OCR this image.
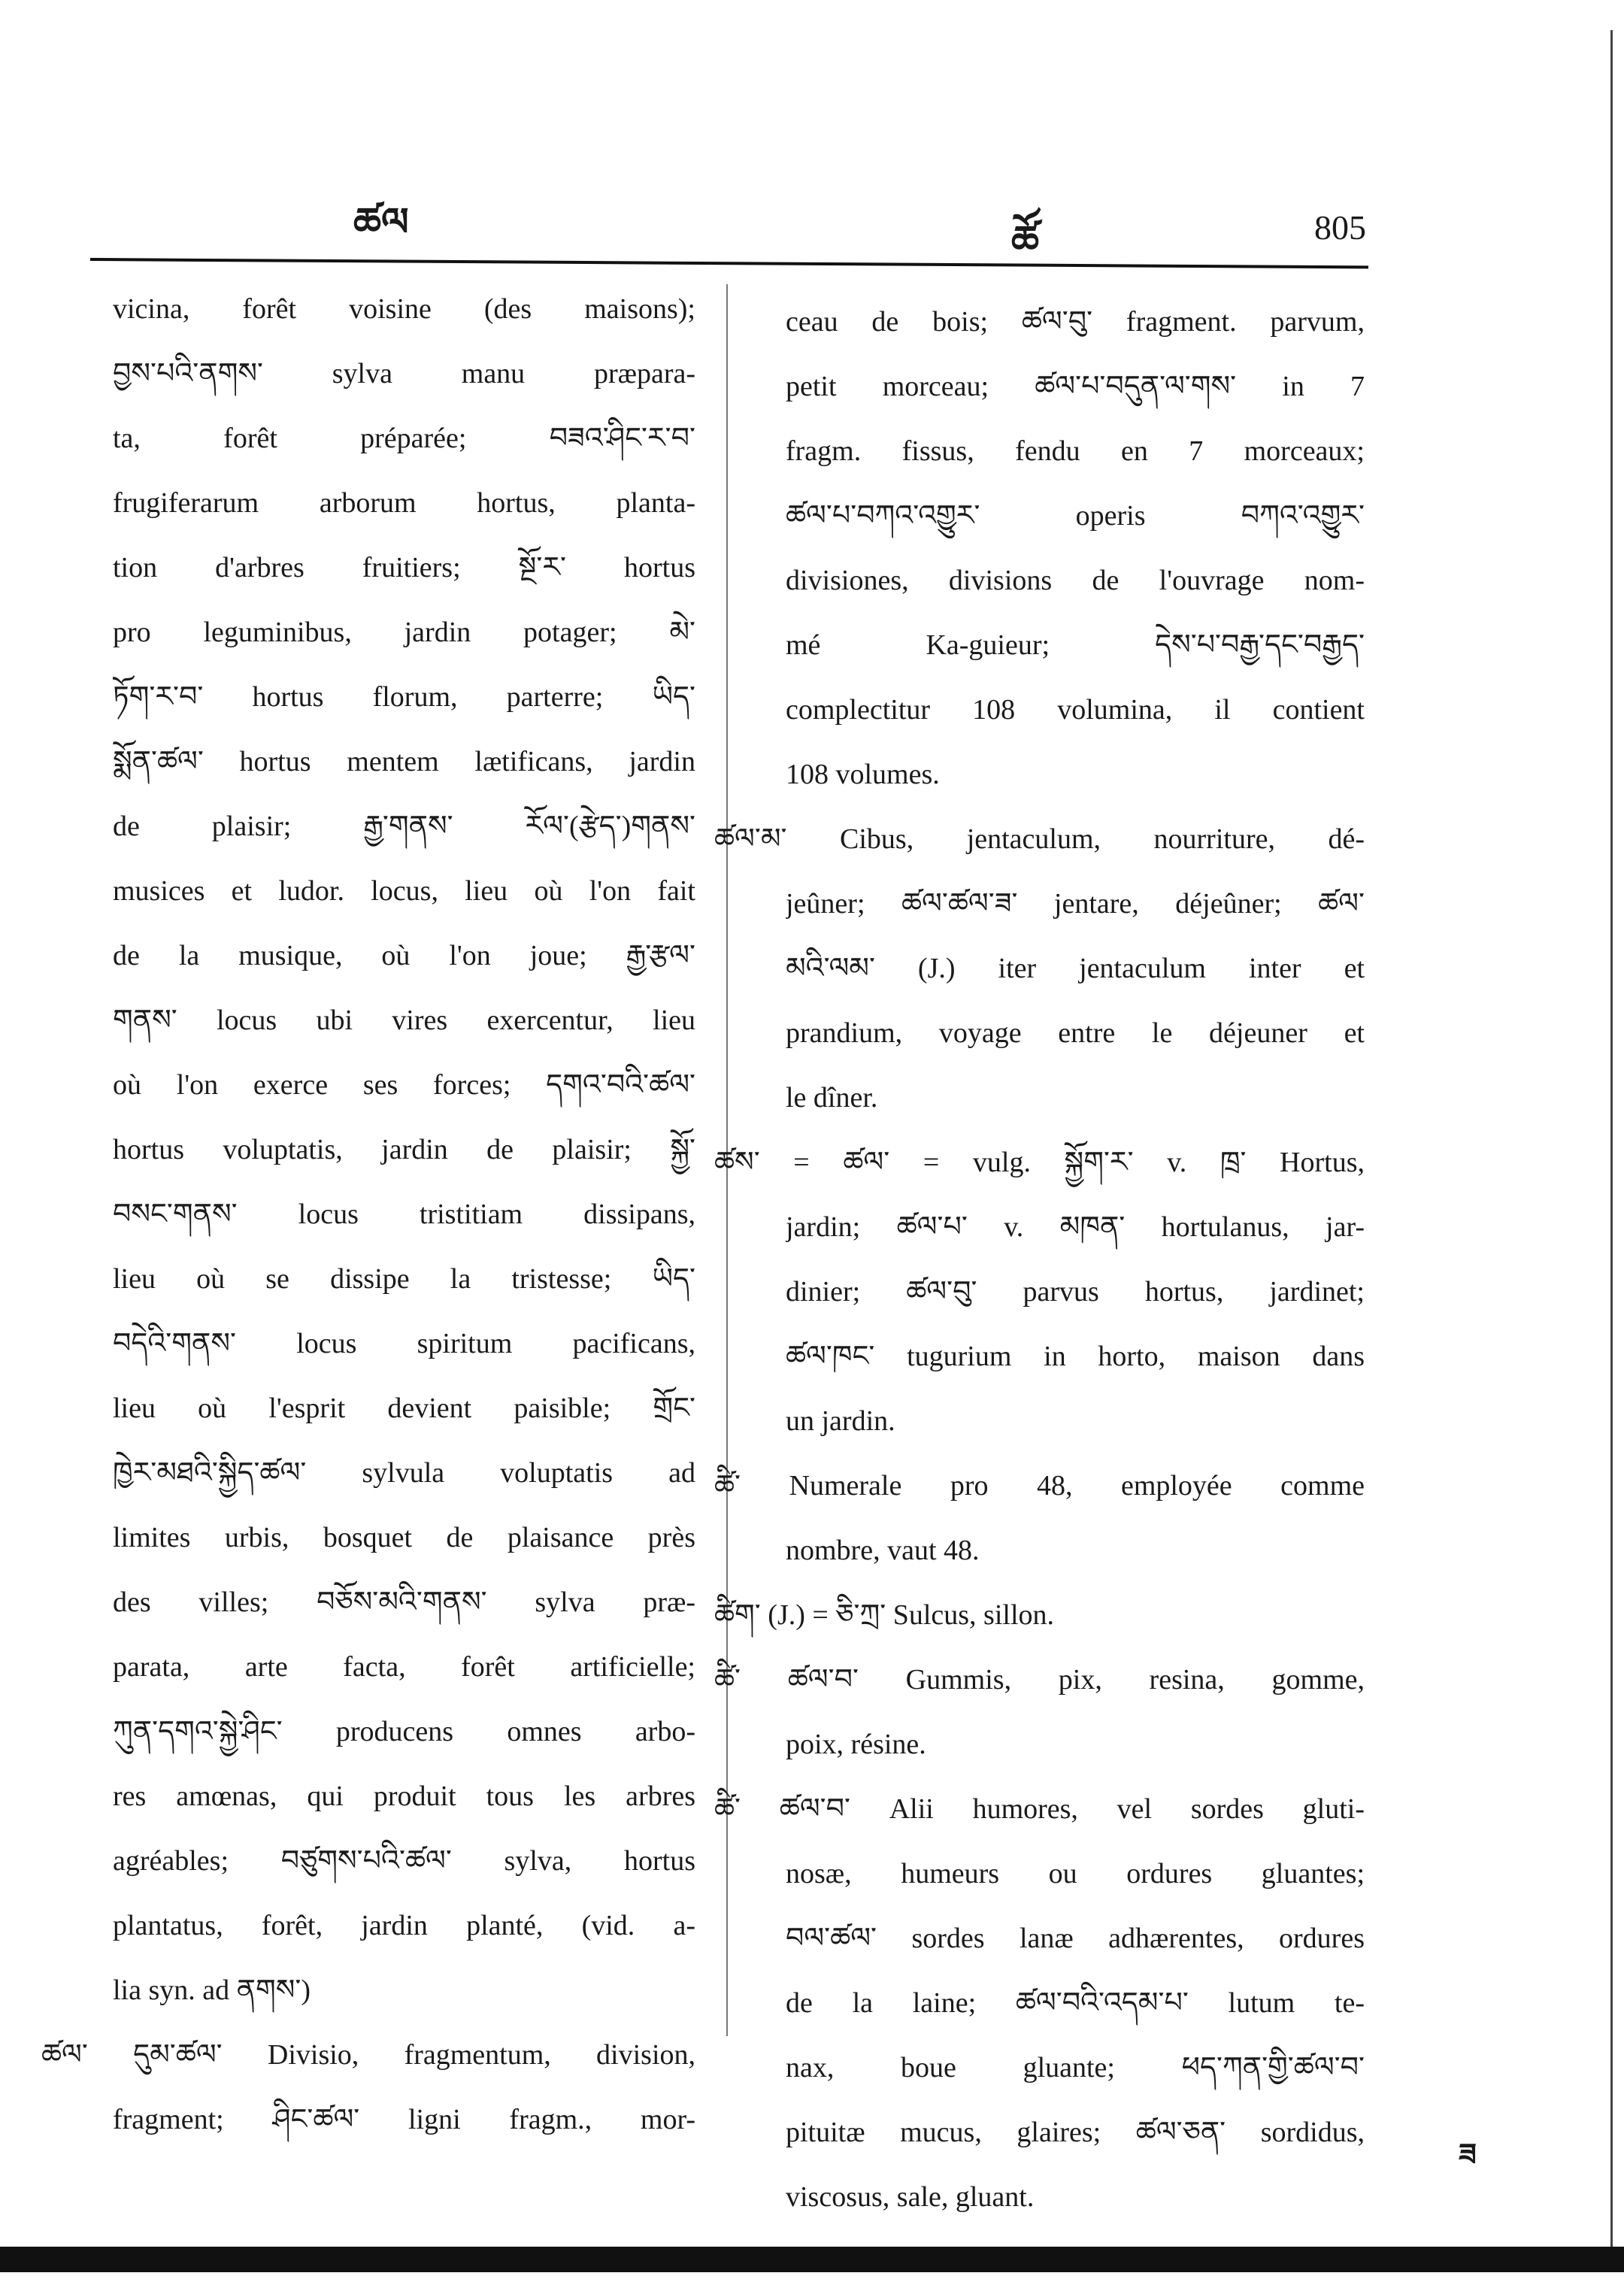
ཚལ	ཚོ	805
vicina, forêt voisine (des maisons);
བྱས་པའི་ནགས་ sylva manu præpara-
ta, forêt préparée; བཟའ་ཤིང་ར་བ་
frugiferarum arborum hortus, planta-
tion d'arbres fruitiers; སྔོ་ར་ hortus
pro leguminibus, jardin potager; མེ་
ཏོག་ར་བ་ hortus florum, parterre; ཡིད་
སྨོན་ཚལ་ hortus mentem lætificans, jardin
de plaisir; རྒྱ་གནས་ རོལ་(རྩེད་)གནས་
musices et ludor. locus, lieu où l'on fait
de la musique, où l'on joue; རྒྱ་རྩལ་
གནས་ locus ubi vires exercentur, lieu
où l'on exerce ses forces; དགའ་བའི་ཚལ་
hortus voluptatis, jardin de plaisir; སྐྱོ་
བསང་གནས་ locus tristitiam dissipans,
lieu où se dissipe la tristesse; ཡིད་
བདེའི་གནས་ locus spiritum pacificans,
lieu où l'esprit devient paisible; གྲོང་
ཁྱེར་མཐའི་སྐྱིད་ཚལ་ sylvula voluptatis ad
limites urbis, bosquet de plaisance près
des villes; བཅོས་མའི་གནས་ sylva præ-
parata, arte facta, forêt artificielle;
ཀུན་དགའ་སྐྱེ་ཤིང་ producens omnes arbo-
res amœnas, qui produit tous les arbres
agréables; བཙུགས་པའི་ཚལ་ sylva, hortus
plantatus, forêt, jardin planté, (vid. a-
lia syn. ad ནགས་)
ཚལ་ དུམ་ཚལ་ Divisio, fragmentum, division,
fragment; ཤིང་ཚལ་ ligni fragm., mor-
ceau de bois; ཚལ་བུ་ fragment. parvum,
petit morceau; ཚལ་པ་བདུན་ལ་གས་ in 7
fragm. fissus, fendu en 7 morceaux;
ཚལ་པ་བཀའ་འགྱུར་ operis བཀའ་འགྱུར་
divisiones, divisions de l'ouvrage nom-
mé Ka-guieur; དེས་པ་བརྒྱ་དང་བརྒྱད་
complectitur 108 volumina, il contient
108 volumes.
ཚལ་མ་ Cibus, jentaculum, nourriture, dé-
jeûner; ཚལ་ཚལ་ཟ་ jentare, déjeûner; ཚལ་
མའི་ལམ་ (J.) iter jentaculum inter et
prandium, voyage entre le déjeuner et
le dîner.
ཚས་ = ཚལ་ = vulg. སྐྱོག་ར་ v. ཁྲ་ Hortus,
jardin; ཚལ་པ་ v. མཁན་ hortulanus, jar-
dinier; ཚལ་བུ་ parvus hortus, jardinet;
ཚལ་ཁང་ tugurium in horto, maison dans
un jardin.
ཚི་ Numerale pro 48, employée comme
nombre, vaut 48.
ཚིག་ (J.) = ཅི་ཀྲ་ Sulcus, sillon.
ཚི་ ཚལ་བ་ Gummis, pix, resina, gomme,
poix, résine.
ཚི་ ཚལ་བ་ Alii humores, vel sordes gluti-
nosæ, humeurs ou ordures gluantes;
བལ་ཚལ་ sordes lanæ adhærentes, ordures
de la laine; ཚལ་བའི་འདམ་པ་ lutum te-
nax, boue gluante; ཕད་ཀན་གྱི་ཚལ་བ་
pituitæ mucus, glaires; ཚལ་ཅན་ sordidus,
viscosus, sale, gluant.
ཟ
